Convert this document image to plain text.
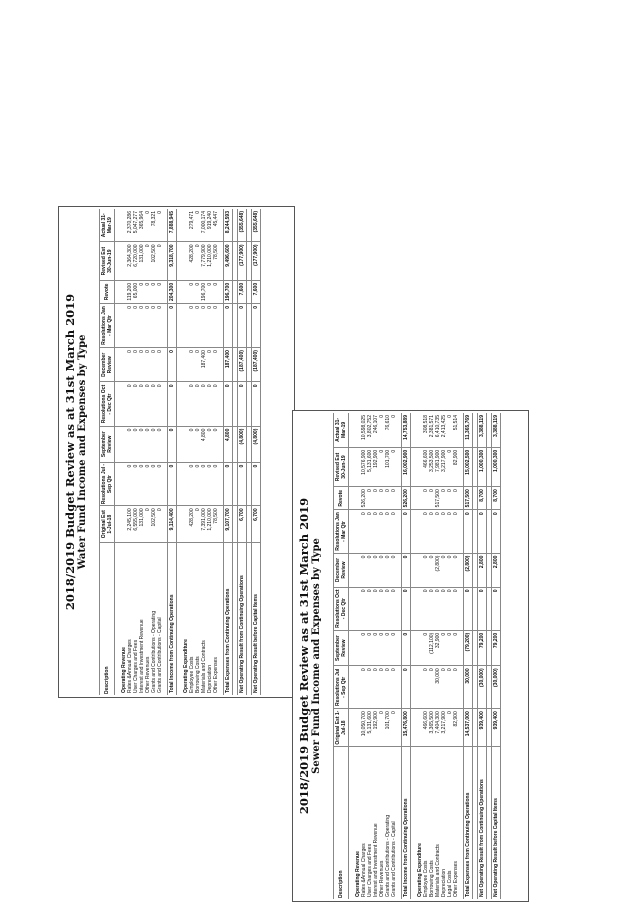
2018/2019 Budget Review as at 31st March 2019 Water Fund Income and Expenses by Type
Description	Original Est 1-Jul-18	Resolutions Jul - Sep Qtr	September Review	Resolutions Oct - Dec Qtr	December Review	Resolutions Jan - Mar Qtr	Revote	Revised Est 30-Jun-19	Actual 31-Mar-19

Operating Revenue									
Rates &Annual Charges	2,245,100	0	0	0	0	0	119,200	2,364,300	2,370,286
User Charges and Fees	6,555,000	0	0	0	0	0	65,000	6,720,000	5,047,277
Interest and Investment Revenue	131,000	0	0	0	0	0	0	131,000	365,964
Other Revenues	0	0	0	0	0	0	0	0	0
Grants and Contributions - Operating	102,500	0	0	0	0	0	0	102,500	78,321
Grants and Contributions - Capital	0	0	0	0	0	0	0	0	0

Total Income from Continuing Operations	9,114,400	0	0	0	0	0	204,300	9,318,700	7,888,945

Operating Expenditure									
Employee Costs	428,200	0	0	0	0	0	0	428,200	279,471
Borrowing Costs	0	0	0	0	0	0	0	0	0
Materials and Contracts	7,391,000	0	4,800	0	187,400	0	196,700	7,779,900	7,000,174
Depreciation	1,210,000	0	0	0	0	0	0	1,210,000	919,240
Other Expenses	78,500	0	0	0	0	0	0	78,500	45,447

Total Expenses from Continuing Operations	9,107,700	0	4,800	0	187,400	0	196,700	9,496,600	8,244,593

Net Operating Result from Continuing Operations	6,700	0	(4,800)	0	(187,400)	0	7,600	(177,900)	(355,648)

Net Operating Result before Capital Items	6,700	0	(4,800)	0	(187,400)	0	7,600	(177,900)	(355,648)
2018/2019 Budget Review as at 31st March 2019 Sewer Fund Income and Expenses by Type
Description	Original Est 1-Jul-18	Resolutions Jul - Sep Qtr	September Review	Resolutions Oct - Dec Qtr	December Review	Resolutions Jan - Mar Qtr	Revote	Revised Est 30-Jun-19	Actual 31-Mar-19

Operating Revenue									
Rates &Annual Charges	10,050,700	0	0	0	0	0	526,200	10,576,900	10,598,025
User Charges and Fees	5,131,600	0	0	0	0	0	0	5,131,600	3,802,752
Interest and Investment Revenue	192,900	0	0	0	0	0	0	192,900	246,107
Other Revenues	0	0	0	0	0	0	0	0	0
Grants and Contributions - Operating	101,700	0	0	0	0	0	0	101,700	76,610
Grants and Contributions - Capital	0	0	0	0	0	0	0	0	0

Total Income from Continuing Operations	15,476,800	0	0	0	0	0	526,200	16,002,900	14,753,889

Operating Expenditure									
Employee Costs	466,600	0	0	0	0	0	0	466,600	308,518
Borrowing Costs	3,365,500	0	(112,100)	0	0	0	0	3,253,500	2,381,571
Materials and Contracts	7,404,300	30,000	32,900	0	(2,800)	0	517,500	7,981,900	6,410,735
Depreciation	3,217,900	0	0	0	0	0	0	3,217,900	2,413,425
Legal Costs	0	0	0	0	0	0	0	0	0
Other Expenses	82,900	0	0	0	0	0	0	82,900	51,514

Total Expenses from Continuing Operations	14,537,000	30,000	(79,200)	0	(2,800)	0	517,500	15,002,500	11,365,769

Net Operating Result from Continuing Operations	939,400	(30,000)	79,200	0	2,800	0	8,700	1,000,300	3,388,119

Net Operating Result before Capital Items	939,400	(30,000)	79,200	0	2,800	0	8,700	1,000,300	3,388,119
